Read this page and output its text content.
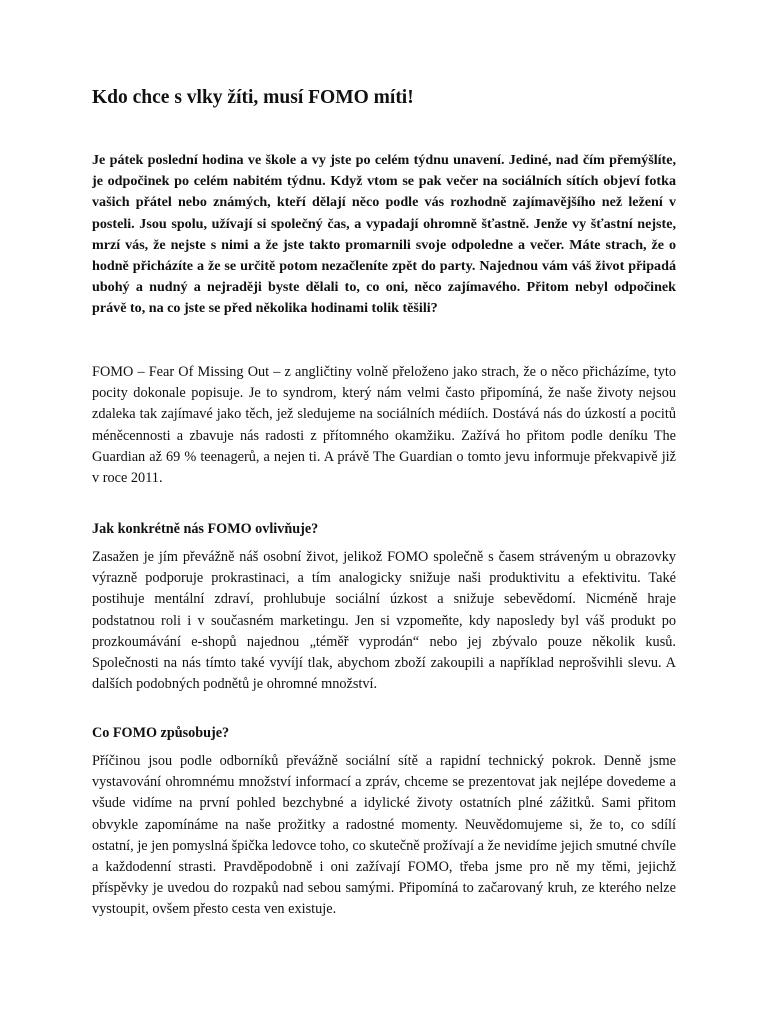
Kdo chce s vlky žíti, musí FOMO míti!

Je pátek poslední hodina ve škole a vy jste po celém týdnu unavení. Jediné, nad čím přemýšlíte, je odpočinek po celém nabitém týdnu. Když vtom se pak večer na sociálních sítích objeví fotka vašich přátel nebo známých, kteří dělají něco podle vás rozhodně zajímavějšího než ležení v posteli. Jsou spolu, užívají si společný čas, a vypadají ohromně šťastně. Jenže vy šťastní nejste, mrzí vás, že nejste s nimi a že jste takto promarnili svoje odpoledne a večer. Máte strach, že o hodně přicházíte a že se určitě potom nezačleníte zpět do party. Najednou vám váš život připadá ubohý a nudný a nejraději byste dělali to, co oni, něco zajímavého. Přitom nebyl odpočinek právě to, na co jste se před několika hodinami tolik těšili?

FOMO – Fear Of Missing Out – z angličtiny volně přeloženo jako strach, že o něco přicházíme, tyto pocity dokonale popisuje. Je to syndrom, který nám velmi často připomíná, že naše životy nejsou zdaleka tak zajímavé jako těch, jež sledujeme na sociálních médiích. Dostává nás do úzkostí a pocitů méněcennosti a zbavuje nás radosti z přítomného okamžiku. Zažívá ho přitom podle deníku The Guardian až 69 % teenagerů, a nejen ti. A právě The Guardian o tomto jevu informuje překvapivě již v roce 2011.

Jak konkrétně nás FOMO ovlivňuje?

Zasažen je jím převážně náš osobní život, jelikož FOMO společně s časem stráveným u obrazovky výrazně podporuje prokrastinaci, a tím analogicky snižuje naši produktivitu a efektivitu. Také postihuje mentální zdraví, prohlubuje sociální úzkost a snižuje sebevědomí. Nicméně hraje podstatnou roli i v současném marketingu. Jen si vzpomeňte, kdy naposledy byl váš produkt po prozkoumávání e-shopů najednou „téměř vyprodán“ nebo jej zbývalo pouze několik kusů. Společnosti na nás tímto také vyvíjí tlak, abychom zboží zakoupili a například neprošvihli slevu. A dalších podobných podnětů je ohromné množství.

Co FOMO způsobuje?

Příčinou jsou podle odborníků převážně sociální sítě a rapidní technický pokrok. Denně jsme vystavování ohromnému množství informací a zpráv, chceme se prezentovat jak nejlépe dovedeme a všude vidíme na první pohled bezchybné a idylické životy ostatních plné zážitků. Sami přitom obvykle zapomínáme na naše prožitky a radostné momenty. Neuvědomujeme si, že to, co sdílí ostatní, je jen pomyslná špička ledovce toho, co skutečně prožívají a že nevidíme jejich smutné chvíle a každodenní strasti. Pravděpodobně i oni zažívají FOMO, třeba jsme pro ně my těmi, jejichž příspěvky je uvedou do rozpaků nad sebou samými. Připomíná to začarovaný kruh, ze kterého nelze vystoupit, ovšem přesto cesta ven existuje.
